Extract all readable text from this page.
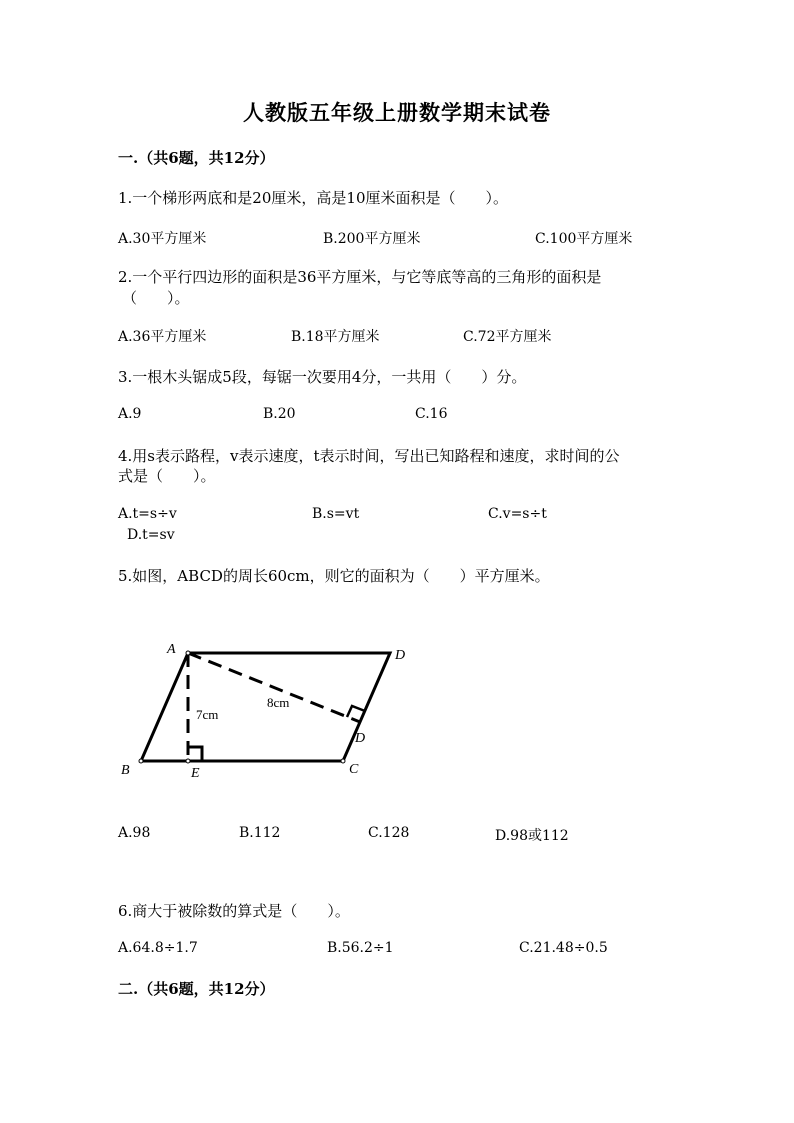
人教版五年级上册数学期末试卷
一.（共6题，共12分）
1.一个梯形两底和是20厘米，高是10厘米面积是（　　）。
A.30平方厘米	B.200平方厘米	C.100平方厘米
2.一个平行四边形的面积是36平方厘米，与它等底等高的三角形的面积是
（　　）。
A.36平方厘米	B.18平方厘米	C.72平方厘米
3.一根木头锯成5段，每锯一次要用4分，一共用（　　）分。
A.9	B.20	C.16
4.用s表示路程，v表示速度，t表示时间，写出已知路程和速度，求时间的公
式是（　　）。
A.t=s÷v	B.s=vt	C.v=s÷t
D.t=sv
5.如图，ABCD的周长60cm，则它的面积为（　　）平方厘米。
A	D
B	E	C
D
7cm
8cm
A.98	B.112	C.128	D.98或112
6.商大于被除数的算式是（　　）。
A.64.8÷1.7	B.56.2÷1	C.21.48÷0.5
二.（共6题，共12分）
